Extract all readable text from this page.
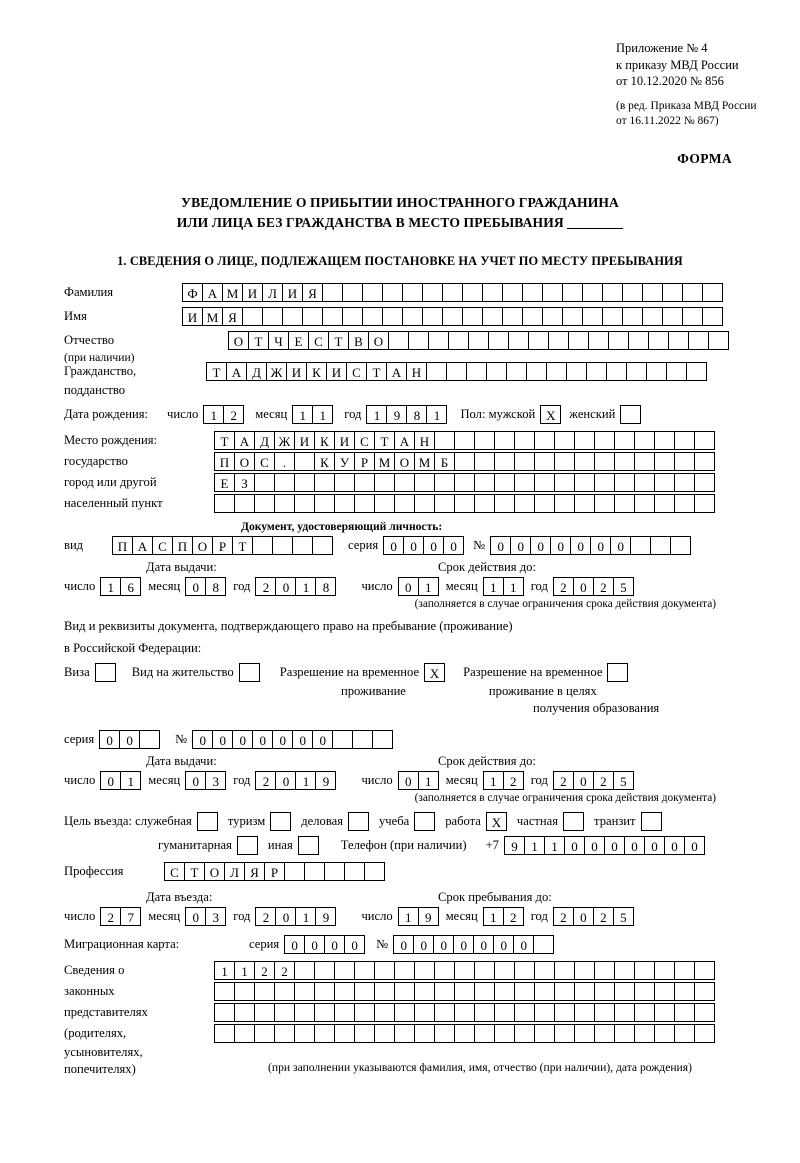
Приложение № 4
к приказу МВД России
от 10.12.2020 № 856
(в ред. Приказа МВД России
от 16.11.2022 № 867)
ФОРМА
УВЕДОМЛЕНИЕ О ПРИБЫТИИ ИНОСТРАННОГО ГРАЖДАНИНА
ИЛИ ЛИЦА БЕЗ ГРАЖДАНСТВА В МЕСТО ПРЕБЫВАНИЯ
1. СВЕДЕНИЯ О ЛИЦЕ, ПОДЛЕЖАЩЕМ ПОСТАНОВКЕ НА УЧЕТ ПО МЕСТУ ПРЕБЫВАНИЯ
Фамилия	Ф А М И Л И Я
Имя	И М Я
Отчество	О Т Ч Е С Т В О
(при наличии)
Гражданство,	Т А Д Ж И К И С Т А Н
подданство
Дата рождения: число 1	2	месяц 1	1	год 1	9	8	1	Пол: мужской Х	женский
Место рождения:	Т А Д Ж И К И С Т А Н
государство	П О С	.	К У Р М О М Б
город или другой	Е З
населенный пункт
Документ, удостоверяющий личность:
вид	П А С П О Р Т	серия 0	0	0	0	№ 0	0	0	0	0	0	0
Дата выдачи:	Срок действия до:
число 1	6	месяц 0	8	год 2	0	1	8	число 0	1	месяц 1	1	год 2	0	2	5
(заполняется в случае ограничения срока действия документа)
Вид и реквизиты документа, подтверждающего право на пребывание (проживание)
в Российской Федерации:
Виза	Вид на жительство	Разрешение на временное Х	Разрешение на временное
проживание	проживание в целях
получения образования
серия 0	0	№ 0	0	0	0	0	0	0
Дата выдачи:	Срок действия до:
число 0	1	месяц 0	3	год 2	0	1	9	число 0	1	месяц 1	2	год 2	0	2	5
(заполняется в случае ограничения срока действия документа)
Цель въезда: служебная	туризм	деловая	учеба	работа Х	частная	транзит
гуманитарная	иная	Телефон (при наличии) +7 9	1	1	0	0	0	0	0	0	0
Профессия	С Т О Л Я Р
Дата въезда:	Срок пребывания до:
число 2	7	месяц 0	3	год 2	0	1	9	число 1	9	месяц 1	2	год 2	0	2	5
Миграционная карта:	серия 0	0	0	0	№ 0	0	0	0	0	0	0
Сведения о	1	1	2	2
законных
представителях
(родителях,
усыновителях,
попечителях)	(при заполнении указываются фамилия, имя, отчество (при наличии), дата рождения)
